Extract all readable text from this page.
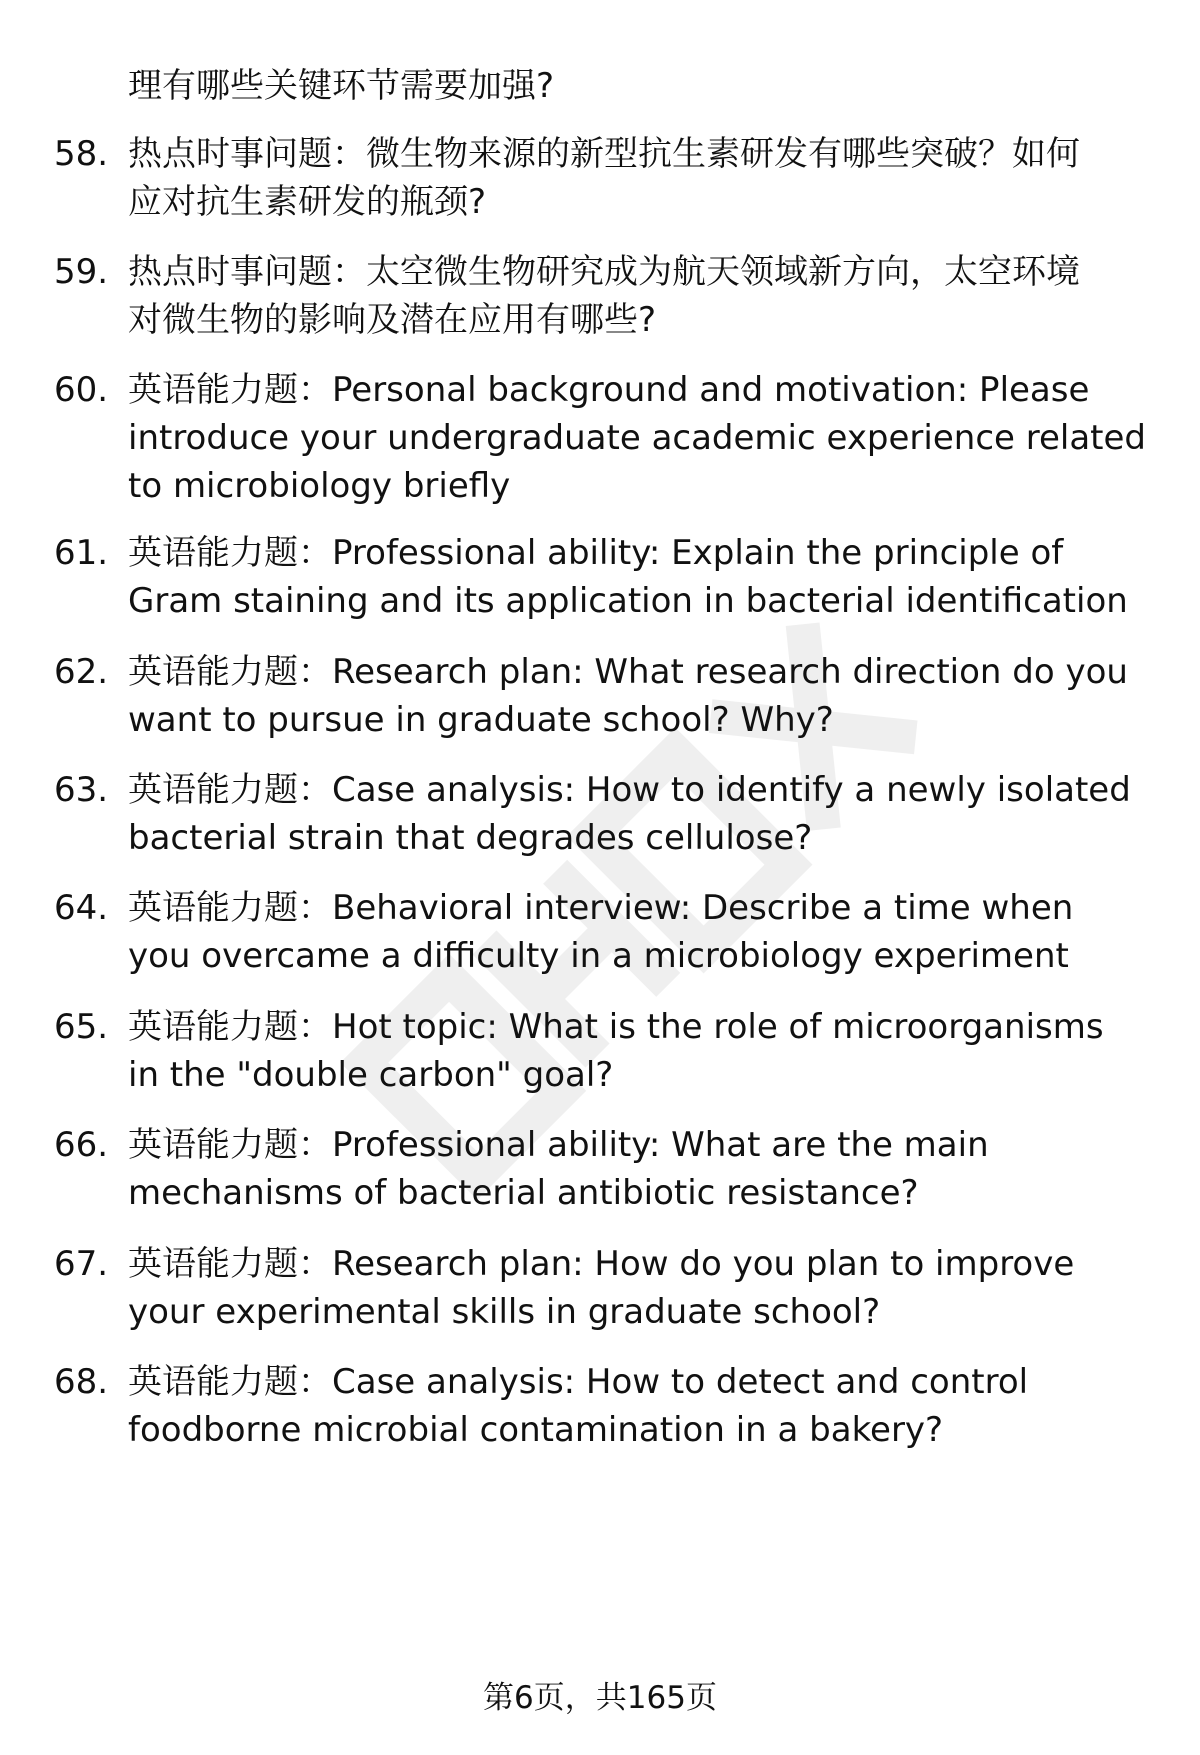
理有哪些关键环节需要加强?
58. 热点时事问题：微生物来源的新型抗生素研发有哪些突破？如何
应对抗生素研发的瓶颈?
59. 热点时事问题：太空微生物研究成为航天领域新方向，太空环境
对微生物的影响及潜在应用有哪些?
60. 英语能力题：Personal background and motivation: Please
introduce your undergraduate academic experience related
to microbiology briefly
61. 英语能力题：Professional ability: Explain the principle of
Gram staining and its application in bacterial identification
62. 英语能力题：Research plan: What research direction do you
want to pursue in graduate school? Why?
63. 英语能力题：Case analysis: How to identify a newly isolated
bacterial strain that degrades cellulose?
64. 英语能力题：Behavioral interview: Describe a time when
you overcame a difficulty in a microbiology experiment
65. 英语能力题：Hot topic: What is the role of microorganisms
in the "double carbon" goal?
66. 英语能力题：Professional ability: What are the main
mechanisms of bacterial antibiotic resistance?
67. 英语能力题：Research plan: How do you plan to improve
your experimental skills in graduate school?
68. 英语能力题：Case analysis: How to detect and control
foodborne microbial contamination in a bakery?
第6页，共165页
